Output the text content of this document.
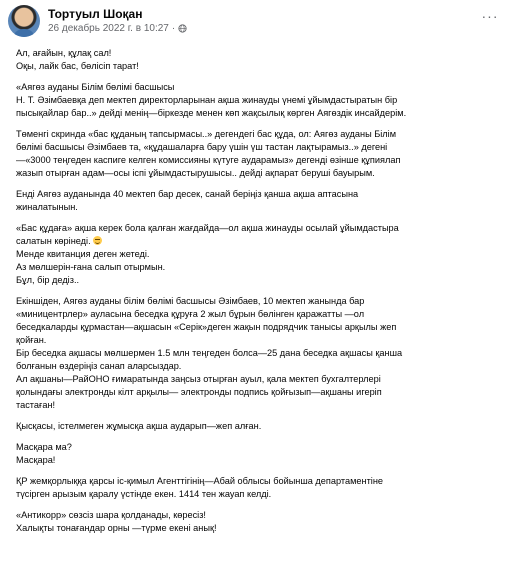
Тортуыл Шоқан
26 декабрь 2022 г. в 10:27 ·
···
Ал, ағайын, құлақ сал!
Оқы, лайк бас, бөлісіп тарат!
«Аягөз ауданы Білім бөлімі басшысы
Н. Т. Әзімбаевқа деп мектеп директорларынан ақша жинауды үнемі ұйымдастыратын бір
пысықайлар бар..» дейді менің—біркезде менен көп жақсылық көрген Аягөздік инсайдерім.
Төменгі скринда «бас құданың тапсырмасы..» дегендегі бас құда, ол: Аягөз ауданы Білім
бөлімі басшысы Әзімбаев та, «құдашаларға бару үшін үш тастан лақтырамыз..» дегені
—«3000 теңгеден каспиге келген комиссияны күтуге аударамыз» дегенді өзінше құпиялап
жазып отырған адам—осы іспі ұйымдастырушысы.. дейді ақпарат беруші бауырым.
Енді Аягөз ауданында 40 мектеп бар десек, санай беріңіз қанша ақша аптасына
жиналатынын.
«Бас құдаға» ақша керек бола қалған жағдайда—ол ақша жинауды осылай ұйымдастыра
салатын көрінеді.
Менде квитанция деген жетеді.
Аз мөлшерін-ғана салып отырмын.
Бұл, бір дедіз..
Екіншіден, Аягөз ауданы білім бөлімі басшысы Әзімбаев, 10 мектеп жанында бар
«миницентрлер» ауласына беседка құруға 2 жыл бұрын бөлінген қаражатты —ол
беседкаларды құрмастан—ақшасын «Серік»деген жақын подрядчик танысы арқылы жеп
қойған.
Бір беседка ақшасы мөлшермен 1.5 млн теңгеден болса—25 дана беседка ақшасы қанша
болғанын өздеріңіз санап аларсыздар.
Ал ақшаны—РайОНО ғимаратында заңсыз отырған ауыл, қала мектеп бухгалтерлері
қолындағы электронды кілт арқылы— электронды подпись қойғызып—ақшаны игеріп
тастаған!
Қысқасы, істелмеген жұмысқа ақша аударып—жеп алған.
Масқара ма?
Масқара!
ҚР жемқорлыққа қарсы іс-қимыл Агенттігінің—Абай облысы бойынша департаментіне
түсірген арызым қаралу үстінде екен. 1414 тен жауап келді.
«Антикорр» сөзсіз шара қолданады, көресіз!
Халықты тонағандар орны —түрме екені анық!
